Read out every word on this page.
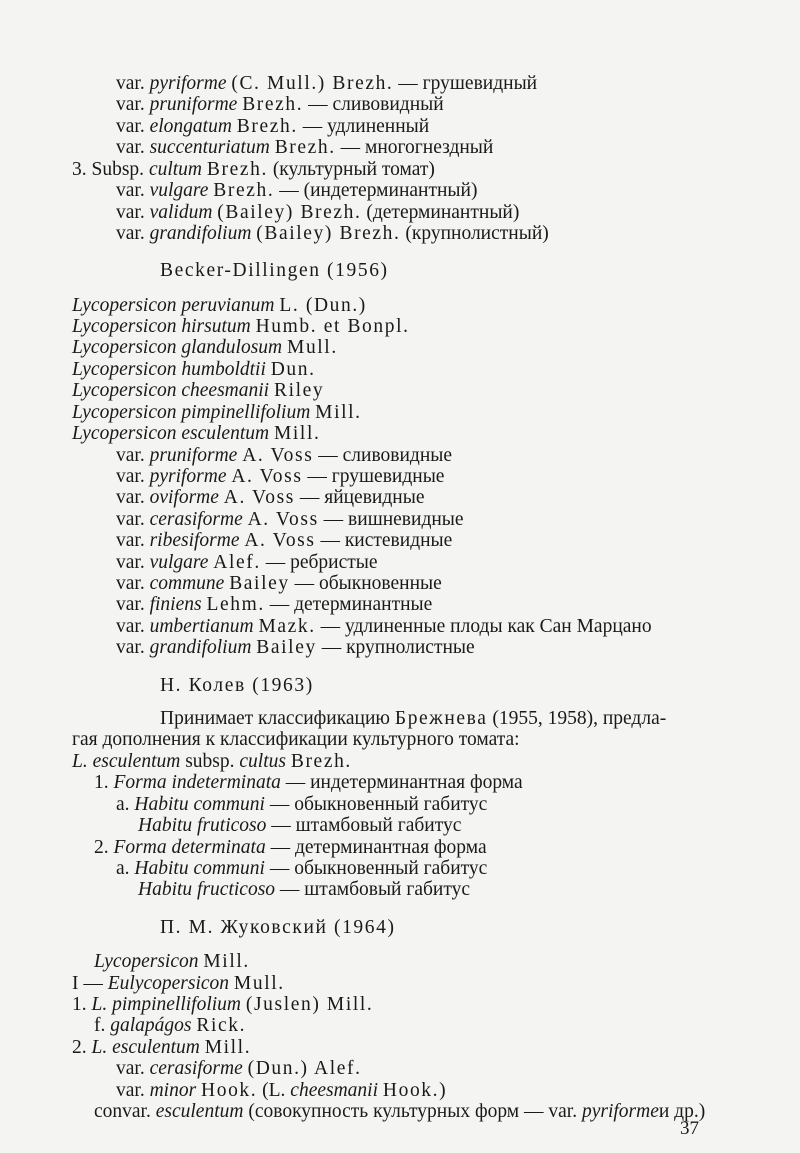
var. pyriforme (C. Mull.) Brezh. — грушевидный
var. pruniforme Brezh. — сливовидный
var. elongatum Brezh. — удлиненный
var. succenturiatum Brezh. — многогнездный
3. Subsp. cultum Brezh. (культурный томат)
var. vulgare Brezh. — (индетерминантный)
var. validum (Bailey) Brezh. (детерминантный)
var. grandifolium (Bailey) Brezh. (крупнолистный)
Becker-Dillingen (1956)
Lycopersicon peruvianum L. (Dun.)
Lycopersicon hirsutum Humb. et Bonpl.
Lycopersicon glandulosum Mull.
Lycopersicon humboldtii Dun.
Lycopersicon cheesmanii Riley
Lycopersicon pimpinellifolium Mill.
Lycopersicon esculentum Mill.
var. pruniforme A. Voss — сливовидные
var. pyriforme A. Voss — грушевидные
var. oviforme A. Voss — яйцевидные
var. cerasiforme A. Voss — вишневидные
var. ribesiforme A. Voss — кистевидные
var. vulgare Alef. — ребристые
var. commune Bailey — обыкновенные
var. finiens Lehm. — детерминантные
var. umbertianum Mazk. — удлиненные плоды как Сан Марцано
var. grandifolium Bailey — крупнолистные
Н. Колев (1963)
Принимает классификацию Брежнева (1955, 1958), предла-
гая дополнения к классификации культурного томата:
L. esculentum subsp. cultus Brezh.
1. Forma indeterminata — индетерминантная форма
a. Habitu communi — обыкновенный габитус
Habitu fruticoso — штамбовый габитус
2. Forma determinata — детерминантная форма
a. Habitu communi — обыкновенный габитус
Habitu fructicoso — штамбовый габитус
П. М. Жуковский (1964)
Lycopersicon Mill.
I — Eulycopersicon Mull.
1. L. pimpinellifolium (Juslen) Mill.
f. galapágos Rick.
2. L. esculentum Mill.
var. cerasiforme (Dun.) Alef.
var. minor Hook. (L. cheesmanii Hook.)
convar. esculentum (совокупность культурных форм — var. pyriformeи др.)
37
